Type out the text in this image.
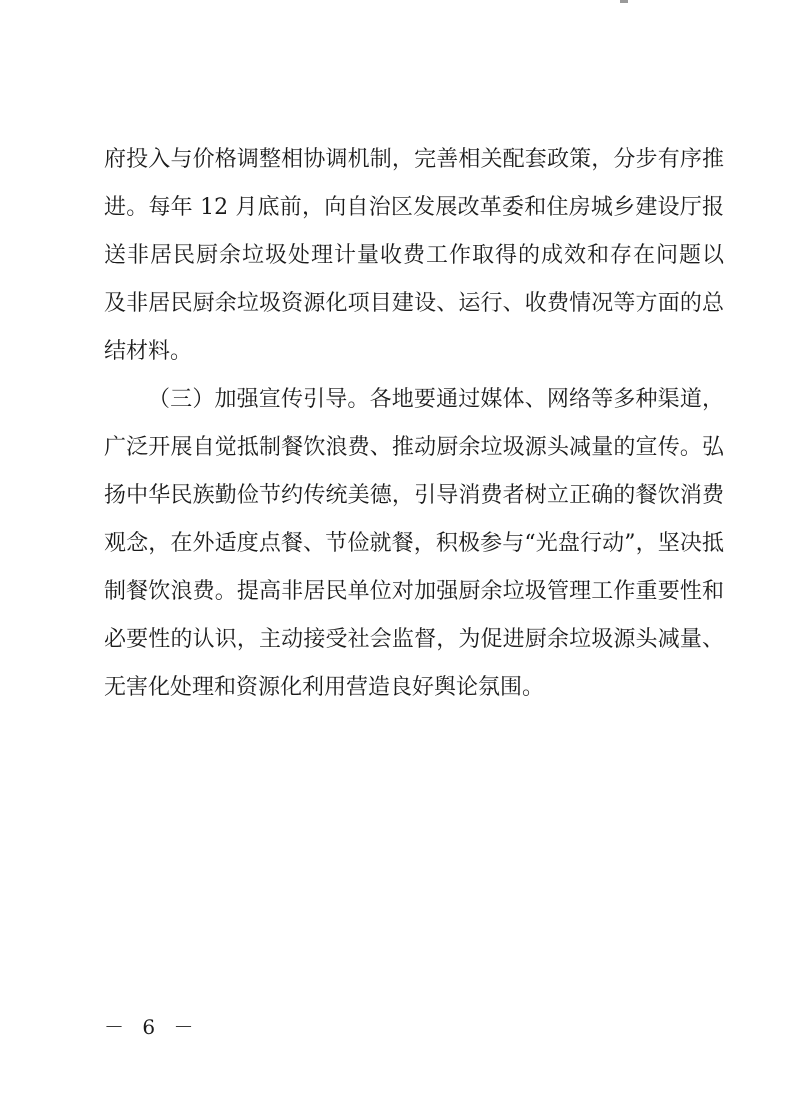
府投入与价格调整相协调机制，完善相关配套政策，分步有序推
进。每年 12 月底前，向自治区发展改革委和住房城乡建设厅报
送非居民厨余垃圾处理计量收费工作取得的成效和存在问题以
及非居民厨余垃圾资源化项目建设、运行、收费情况等方面的总
结材料。
（三）加强宣传引导。各地要通过媒体、网络等多种渠道，
广泛开展自觉抵制餐饮浪费、推动厨余垃圾源头减量的宣传。弘
扬中华民族勤俭节约传统美德，引导消费者树立正确的餐饮消费
观念，在外适度点餐、节俭就餐，积极参与“光盘行动”，坚决抵
制餐饮浪费。提高非居民单位对加强厨余垃圾管理工作重要性和
必要性的认识，主动接受社会监督，为促进厨余垃圾源头减量、
无害化处理和资源化利用营造良好舆论氛围。
－ 6 －
